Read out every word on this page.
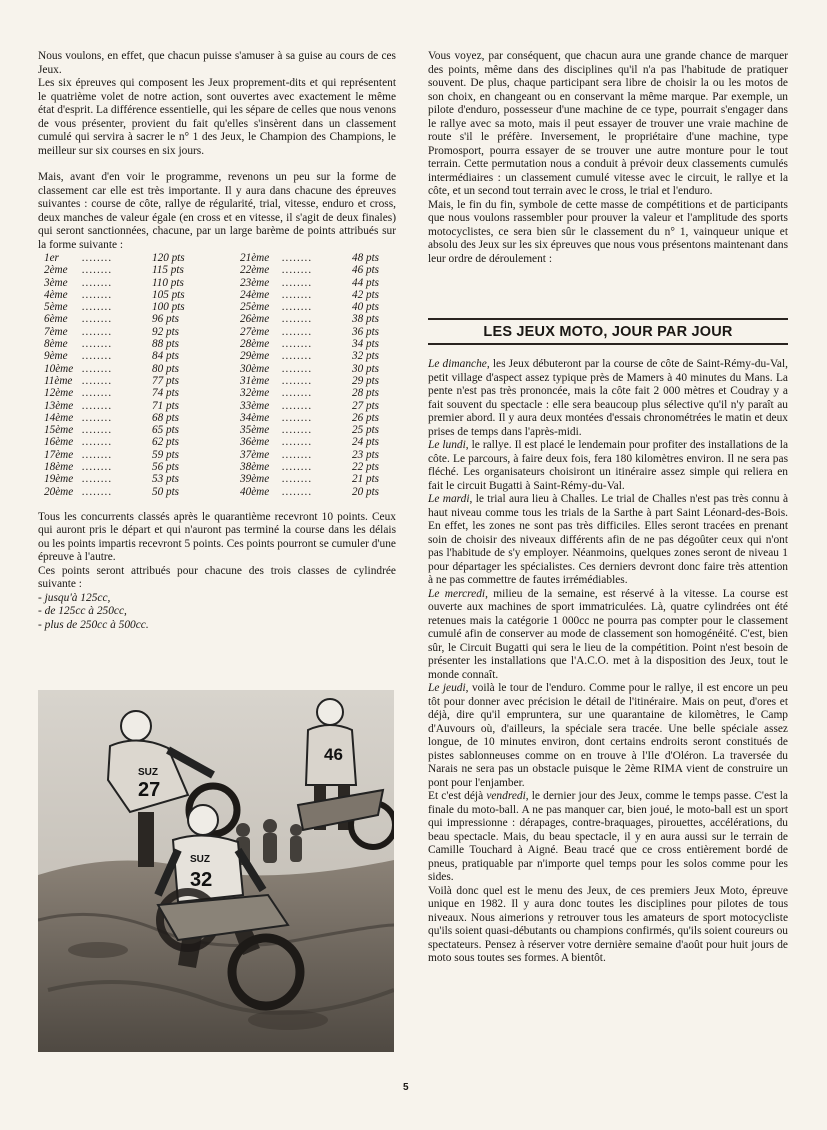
Nous voulons, en effet, que chacun puisse s'amuser à sa guise au cours de ces Jeux.

Les six épreuves qui composent les Jeux proprement-dits et qui représentent le quatrième volet de notre action, sont ouvertes avec exactement le même état d'esprit. La différence essentielle, qui les sépare de celles que nous venons de vous présenter, provient du fait qu'elles s'insèrent dans un classement cumulé qui servira à sacrer le n° 1 des Jeux, le Champion des Champions, le meilleur sur six courses en six jours.

Mais, avant d'en voir le programme, revenons un peu sur la forme de classement car elle est très importante. Il y aura dans chacune des épreuves suivantes : course de côte, rallye de régularité, trial, vitesse, enduro et cross, deux manches de valeur égale (en cross et en vitesse, il s'agit de deux finales) qui seront sanctionnées, chacune, par un large barème de points attribués sur la forme suivante :

1er	........	120 pts	21ème	........	48 pts
2ème	........	115 pts	22ème	........	46 pts
3ème	........	110 pts	23ème	........	44 pts
4ème	........	105 pts	24ème	........	42 pts
5ème	........	100 pts	25ème	........	40 pts
6ème	........	96 pts	26ème	........	38 pts
7ème	........	92 pts	27ème	........	36 pts
8ème	........	88 pts	28ème	........	34 pts
9ème	........	84 pts	29ème	........	32 pts
10ème ........	80 pts	30ème	........	30 pts
11ème ........	77 pts	31ème	........	29 pts
12ème ........	74 pts	32ème	........	28 pts
13ème ........	71 pts	33ème	........	27 pts
14ème ........	68 pts	34ème	........	26 pts
15ème ........	65 pts	35ème	........	25 pts
16ème ........	62 pts	36ème	........	24 pts
17ème ........	59 pts	37ème	........	23 pts
18ème ........	56 pts	38ème	........	22 pts
19ème ........	53 pts	39ème	........	21 pts
20ème ........	50 pts	40ème	........	20 pts

Tous les concurrents classés après le quarantième recevront 10 points. Ceux qui auront pris le départ et qui n'auront pas terminé la course dans les délais ou les points impartis recevront 5 points. Ces points pourront se cumuler d'une épreuve à l'autre.

Ces points seront attribués pour chacune des trois classes de cylindrée suivante :

- jusqu'à 125cc,

- de 125cc à 250cc,

- plus de 250cc à 500cc.

46
SUZ
27
SUZ
32

Vous voyez, par conséquent, que chacun aura une grande chance de marquer des points, même dans des disciplines qu'il n'a pas l'habitude de pratiquer souvent. De plus, chaque participant sera libre de choisir la ou les motos de son choix, en changeant ou en conservant la même marque. Par exemple, un pilote d'enduro, possesseur d'une machine de ce type, pourrait s'engager dans le rallye avec sa moto, mais il peut essayer de trouver une vraie machine de route s'il le préfère. Inversement, le propriétaire d'une machine, type Promosport, pourra essayer de se trouver une autre monture pour le tout terrain. Cette permutation nous a conduit à prévoir deux classements cumulés intermédiaires : un classement cumulé vitesse avec le circuit, le rallye et la côte, et un second tout terrain avec le cross, le trial et l'enduro.

Mais, le fin du fin, symbole de cette masse de compétitions et de participants que nous voulons rassembler pour prouver la valeur et l'amplitude des sports motocyclistes, ce sera bien sûr le classement du n° 1, vainqueur unique et absolu des Jeux sur les six épreuves que nous vous présentons maintenant dans leur ordre de déroulement :

LES JEUX MOTO, JOUR PAR JOUR

Le dimanche, les Jeux débuteront par la course de côte de Saint-Rémy-du-Val, petit village d'aspect assez typique près de Mamers à 40 minutes du Mans. La pente n'est pas très prononcée, mais la côte fait 2 000 mètres et Coudray y a fait souvent du spectacle : elle sera beaucoup plus sélective qu'il n'y paraît au premier abord. Il y aura deux montées d'essais chronométrées le matin et deux prises de temps dans l'après-midi.

Le lundi, le rallye. Il est placé le lendemain pour profiter des installations de la côte. Le parcours, à faire deux fois, fera 180 kilomètres environ. Il ne sera pas fléché. Les organisateurs choisiront un itinéraire assez simple qui reliera en fait le circuit Bugatti à Saint-Rémy-du-Val.

Le mardi, le trial aura lieu à Challes. Le trial de Challes n'est pas très connu à haut niveau comme tous les trials de la Sarthe à part Saint Léonard-des-Bois. En effet, les zones ne sont pas très difficiles. Elles seront tracées en prenant soin de choisir des niveaux différents afin de ne pas dégoûter ceux qui n'ont pas l'habitude de s'y employer. Néanmoins, quelques zones seront de niveau 1 pour départager les spécialistes. Ces derniers devront donc faire très attention à ne pas commettre de fautes irrémédiables.

Le mercredi, milieu de la semaine, est réservé à la vitesse. La course est ouverte aux machines de sport immatriculées. Là, quatre cylindrées ont été retenues mais la catégorie 1 000cc ne pourra pas compter pour le classement cumulé afin de conserver au mode de classement son homogénéité. C'est, bien sûr, le Circuit Bugatti qui sera le lieu de la compétition. Point n'est besoin de présenter les installations que l'A.C.O. met à la disposition des Jeux, tout le monde connaît.

Le jeudi, voilà le tour de l'enduro. Comme pour le rallye, il est encore un peu tôt pour donner avec précision le détail de l'itinéraire. Mais on peut, d'ores et déjà, dire qu'il empruntera, sur une quarantaine de kilomètres, le Camp d'Auvours où, d'ailleurs, la spéciale sera tracée. Une belle spéciale assez longue, de 10 minutes environ, dont certains endroits seront constitués de pistes sablonneuses comme on en trouve à l'Ile d'Oléron. La traversée du Narais ne sera pas un obstacle puisque le 2ème RIMA vient de construire un pont pour l'enjamber.

Et c'est déjà vendredi, le dernier jour des Jeux, comme le temps passe. C'est la finale du moto-ball. A ne pas manquer car, bien joué, le moto-ball est un sport qui impressionne : dérapages, contre-braquages, pirouettes, accélérations, du beau spectacle. Mais, du beau spectacle, il y en aura aussi sur le terrain de Camille Touchard à Aigné. Beau tracé que ce cross entièrement bordé de pneus, pratiquable par n'importe quel temps pour les solos comme pour les sides.

Voilà donc quel est le menu des Jeux, de ces premiers Jeux Moto, épreuve unique en 1982. Il y aura donc toutes les disciplines pour pilotes de tous niveaux. Nous aimerions y retrouver tous les amateurs de sport motocycliste qu'ils soient quasi-débutants ou champions confirmés, qu'ils soient coureurs ou spectateurs. Pensez à réserver votre dernière semaine d'août pour huit jours de moto sous toutes ses formes. A bientôt.

5
